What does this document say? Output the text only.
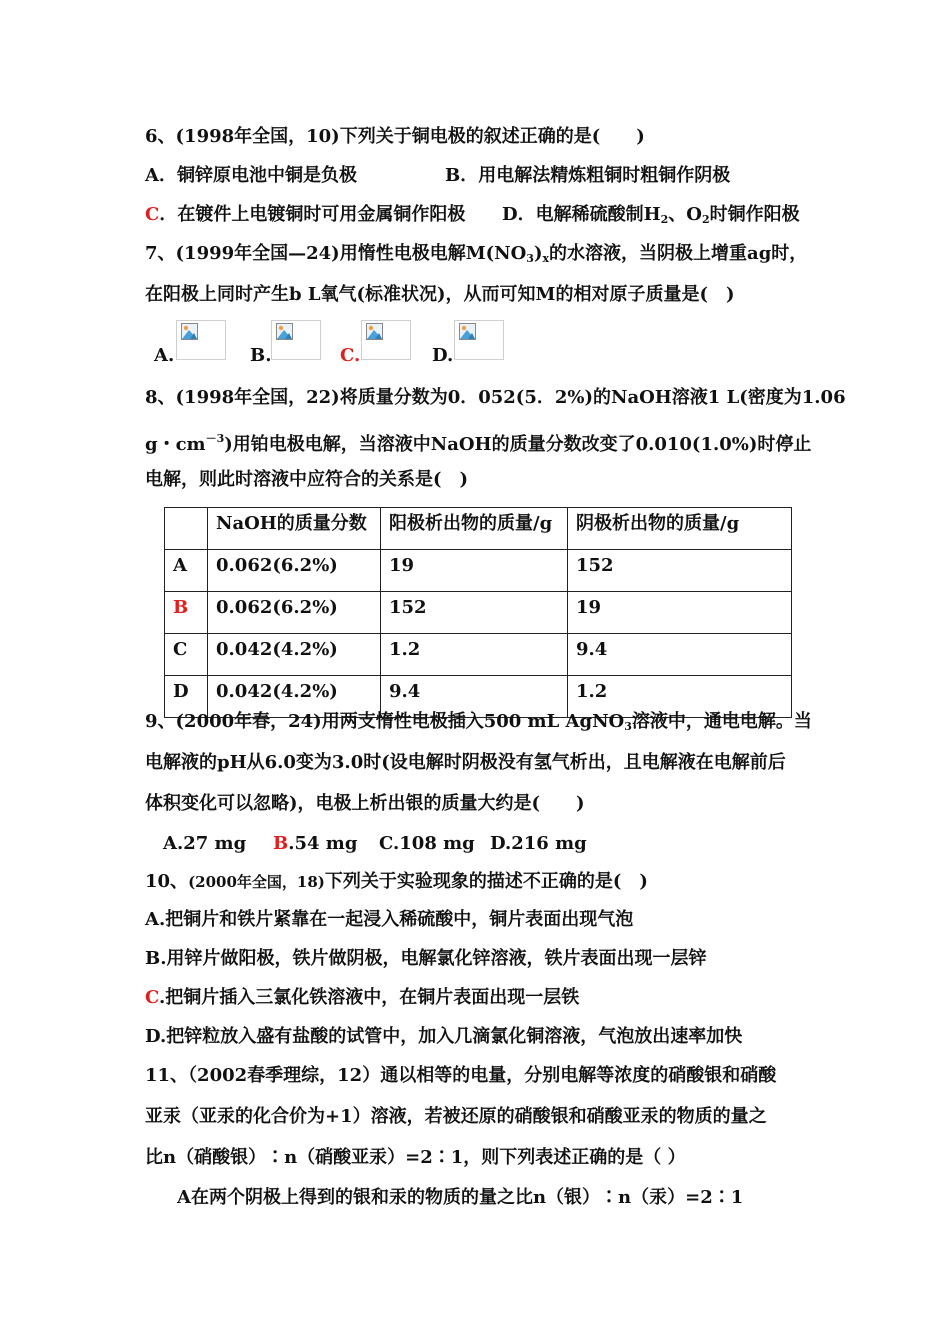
6、(1998年全国，10)下列关于铜电极的叙述正确的是(　　)
A．铜锌原电池中铜是负极	B．用电解法精炼粗铜时粗铜作阴极
C．在镀件上电镀铜时可用金属铜作阳极 D．电解稀硫酸制$H_2$、$O_2$时铜作阳极
7、(1999年全国—24)用惰性电极电解$M(NO_3)_x$的水溶液，当阴极上增重ag时，
在阳极上同时产生b L氧气(标准状况)，从而可知M的相对原子质量是(　)
A.	B.	C.	D.
8、(1998年全国，22)将质量分数为0．052(5．2%)的NaOH溶液1 L(密度为1.06
g・$cm^{-3}$)用铂电极电解，当溶液中NaOH的质量分数改变了0.010(1.0%)时停止
电解，则此时溶液中应符合的关系是(　)
	NaOH的质量分数	阳极析出物的质量/g	阴极析出物的质量/g
A	0.062(6.2%)	19	152
B	0.062(6.2%)	152	19
C	0.042(4.2%)	1.2	9.4
D	0.042(4.2%)	9.4	1.2
9、(2000年春，24)用两支惰性电极插入500 mL AgNO$_3$溶液中，通电电解。当
电解液的pH从6.0变为3.0时(设电解时阴极没有氢气析出，且电解液在电解前后
体积变化可以忽略)，电极上析出银的质量大约是(　　)
A.27 mg B.54 mg C.108 mg D.216 mg
10、(2000年全国，18)下列关于实验现象的描述不正确的是(　)
A.把铜片和铁片紧靠在一起浸入稀硫酸中，铜片表面出现气泡
B.用锌片做阳极，铁片做阴极，电解氯化锌溶液，铁片表面出现一层锌
C.把铜片插入三氯化铁溶液中，在铜片表面出现一层铁
D.把锌粒放入盛有盐酸的试管中，加入几滴氯化铜溶液，气泡放出速率加快
11、（2002春季理综，12）通以相等的电量，分别电解等浓度的硝酸银和硝酸
亚汞（亚汞的化合价为+1）溶液，若被还原的硝酸银和硝酸亚汞的物质的量之
比n（硝酸银）∶n（硝酸亚汞）=2∶1，则下列表述正确的是（ ）
A在两个阴极上得到的银和汞的物质的量之比n（银）∶n（汞）=2∶1
